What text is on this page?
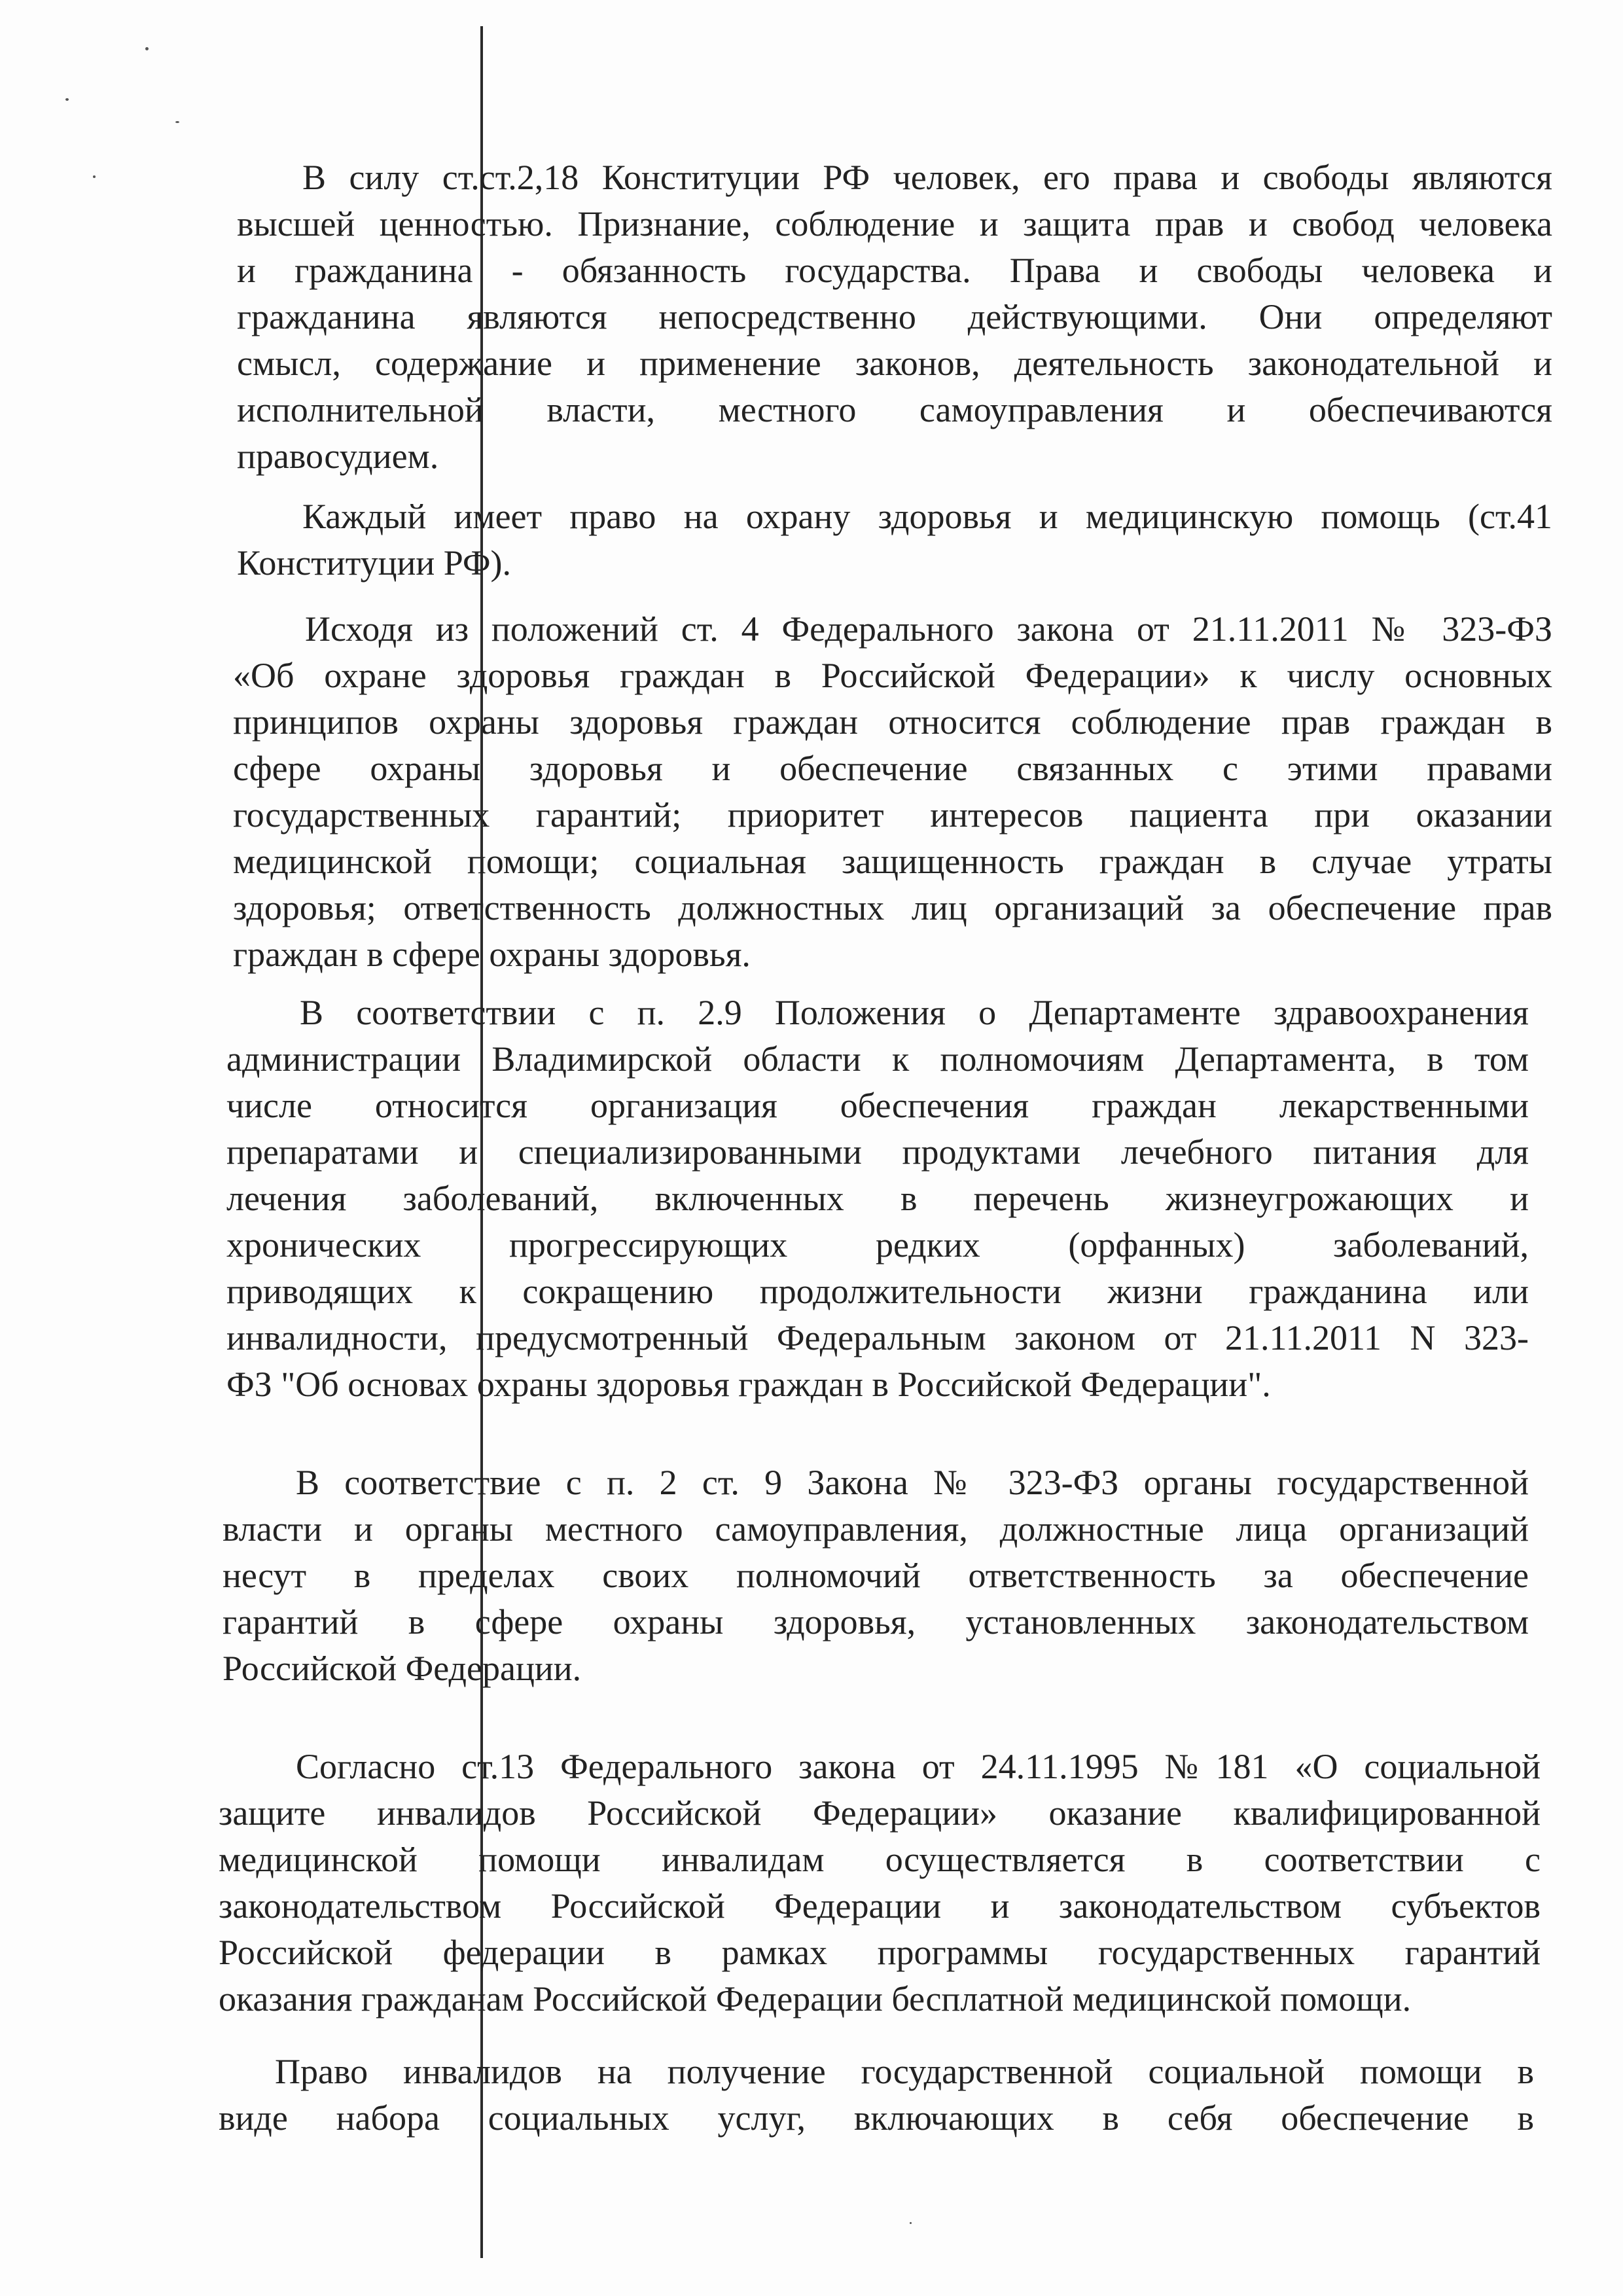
В силу ст.ст.2,18 Конституции РФ человек, его права и свободы являются
высшей ценностью. Признание, соблюдение и защита прав и свобод человека
и гражданина - обязанность государства. Права и свободы человека и
гражданина являются непосредственно действующими. Они определяют
смысл, содержание и применение законов, деятельность законодательной и
исполнительной власти, местного самоуправления и обеспечиваются
правосудием.
Каждый имеет право на охрану здоровья и медицинскую помощь (ст.41
Конституции РФ).
Исходя из положений ст. 4 Федерального закона от 21.11.2011 № 323-ФЗ
«Об охране здоровья граждан в Российской Федерации» к числу основных
принципов охраны здоровья граждан относится соблюдение прав граждан в
сфере охраны здоровья и обеспечение связанных с этими правами
государственных гарантий; приоритет интересов пациента при оказании
медицинской помощи; социальная защищенность граждан в случае утраты
здоровья; ответственность должностных лиц организаций за обеспечение прав
граждан в сфере охраны здоровья.
В соответствии с п. 2.9 Положения о Департаменте здравоохранения
администрации Владимирской области к полномочиям Департамента, в том
числе относится организация обеспечения граждан лекарственными
препаратами и специализированными продуктами лечебного питания для
лечения заболеваний, включенных в перечень жизнеугрожающих и
хронических прогрессирующих редких (орфанных) заболеваний,
приводящих к сокращению продолжительности жизни гражданина или
инвалидности, предусмотренный Федеральным законом от 21.11.2011 N 323-
ФЗ "Об основах охраны здоровья граждан в Российской Федерации".
В соответствие с п. 2 ст. 9 Закона № 323-ФЗ органы государственной
власти и органы местного самоуправления, должностные лица организаций
несут в пределах своих полномочий ответственность за обеспечение
гарантий в сфере охраны здоровья, установленных законодательством
Российской Федерации.
Согласно ст.13 Федерального закона от 24.11.1995 №181 «О социальной
защите инвалидов Российской Федерации» оказание квалифицированной
медицинской помощи инвалидам осуществляется в соответствии с
законодательством Российской Федерации и законодательством субъектов
Российской федерации в рамках программы государственных гарантий
оказания гражданам Российской Федерации бесплатной медицинской помощи.
Право инвалидов на получение государственной социальной помощи в
виде набора социальных услуг, включающих в себя обеспечение в
